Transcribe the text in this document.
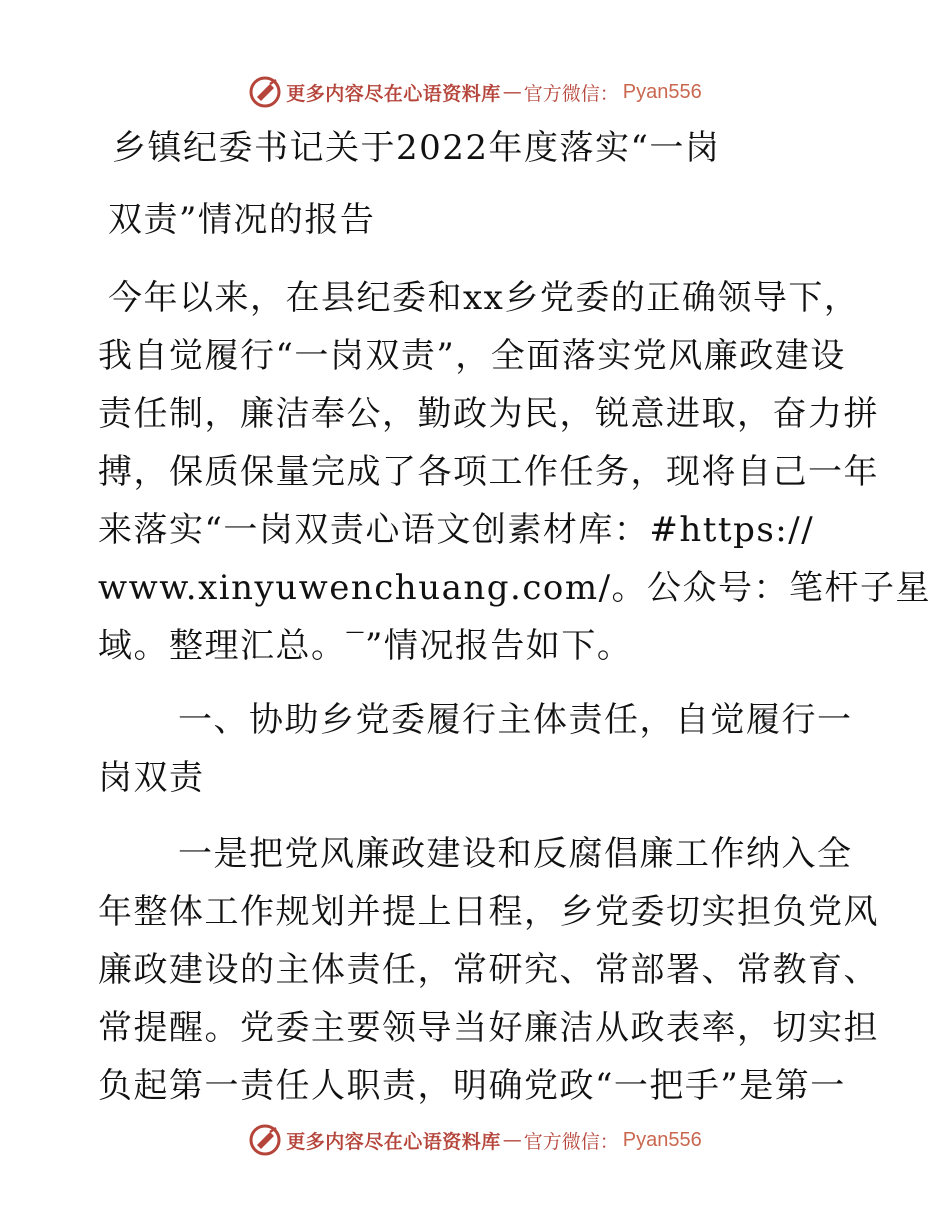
更多内容尽在心语资料库 — 官方微信： Pyan556
乡镇纪委书记关于2022年度落实“一岗
双责”情况的报告
今年以来，在县纪委和xx乡党委的正确领导下，
我自觉履行“一岗双责”，全面落实党风廉政建设
责任制，廉洁奉公，勤政为民，锐意进取，奋力拼
搏，保质保量完成了各项工作任务，现将自己一年
来落实“一岗双责心语文创素材库：#https://
www.xinyuwenchuang.com/。公众号：笔杆子星
域。整理汇总。‾”情况报告如下。
一、协助乡党委履行主体责任，自觉履行一
岗双责
一是把党风廉政建设和反腐倡廉工作纳入全
年整体工作规划并提上日程，乡党委切实担负党风
廉政建设的主体责任，常研究、常部署、常教育、
常提醒。党委主要领导当好廉洁从政表率，切实担
负起第一责任人职责，明确党政“一把手”是第一
更多内容尽在心语资料库 — 官方微信： Pyan556
